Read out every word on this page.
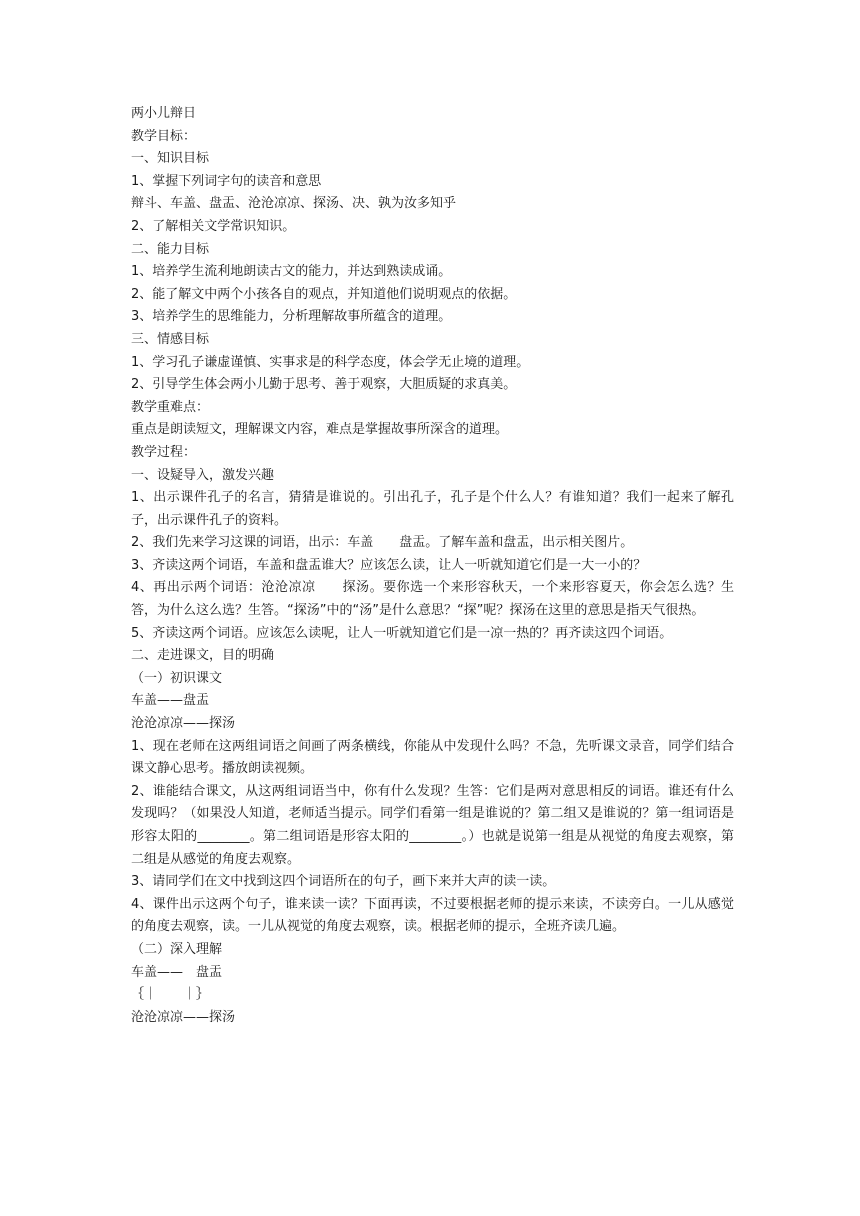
两小儿辩日
教学目标：
一、知识目标
1、掌握下列词字句的读音和意思
辩斗、车盖、盘盂、沧沧凉凉、探汤、决、孰为汝多知乎
2、了解相关文学常识知识。
二、能力目标
1、培养学生流利地朗读古文的能力，并达到熟读成诵。
2、能了解文中两个小孩各自的观点，并知道他们说明观点的依据。
3、培养学生的思维能力，分析理解故事所蕴含的道理。
三、情感目标
1、学习孔子谦虚谨慎、实事求是的科学态度，体会学无止境的道理。
2、引导学生体会两小儿勤于思考、善于观察，大胆质疑的求真美。
教学重难点：
重点是朗读短文，理解课文内容，难点是掌握故事所深含的道理。
教学过程：
一、设疑导入，激发兴趣
1、出示课件孔子的名言，猜猜是谁说的。引出孔子，孔子是个什么人？有谁知道？我们一起来了解孔子，出示课件孔子的资料。
2、我们先来学习这课的词语，出示：车盖　　盘盂。了解车盖和盘盂，出示相关图片。
3、齐读这两个词语，车盖和盘盂谁大？应该怎么读，让人一听就知道它们是一大一小的？
4、再出示两个词语：沧沧凉凉　　探汤。要你选一个来形容秋天，一个来形容夏天，你会怎么选？生答，为什么这么选？生答。“探汤”中的“汤”是什么意思？“探”呢？探汤在这里的意思是指天气很热。
5、齐读这两个词语。应该怎么读呢，让人一听就知道它们是一凉一热的？再齐读这四个词语。
二、走进课文，目的明确
（一）初识课文
车盖——盘盂
沧沧凉凉——探汤
1、现在老师在这两组词语之间画了两条横线，你能从中发现什么吗？不急，先听课文录音，同学们结合课文静心思考。播放朗读视频。
2、谁能结合课文，从这两组词语当中，你有什么发现？生答：它们是两对意思相反的词语。谁还有什么发现吗？（如果没人知道，老师适当提示。同学们看第一组是谁说的？第二组又是谁说的？第一组词语是形容太阳的________。第二组词语是形容太阳的________。）也就是说第一组是从视觉的角度去观察，第二组是从感觉的角度去观察。
3、请同学们在文中找到这四个词语所在的句子，画下来并大声的读一读。
4、课件出示这两个句子，谁来读一读？下面再读，不过要根据老师的提示来读，不读旁白。一儿从感觉的角度去观察，读。一儿从视觉的角度去观察，读。根据老师的提示，全班齐读几遍。
（二）深入理解
车盖——　盘盂
｛｜　　｜｝
沧沧凉凉——探汤
